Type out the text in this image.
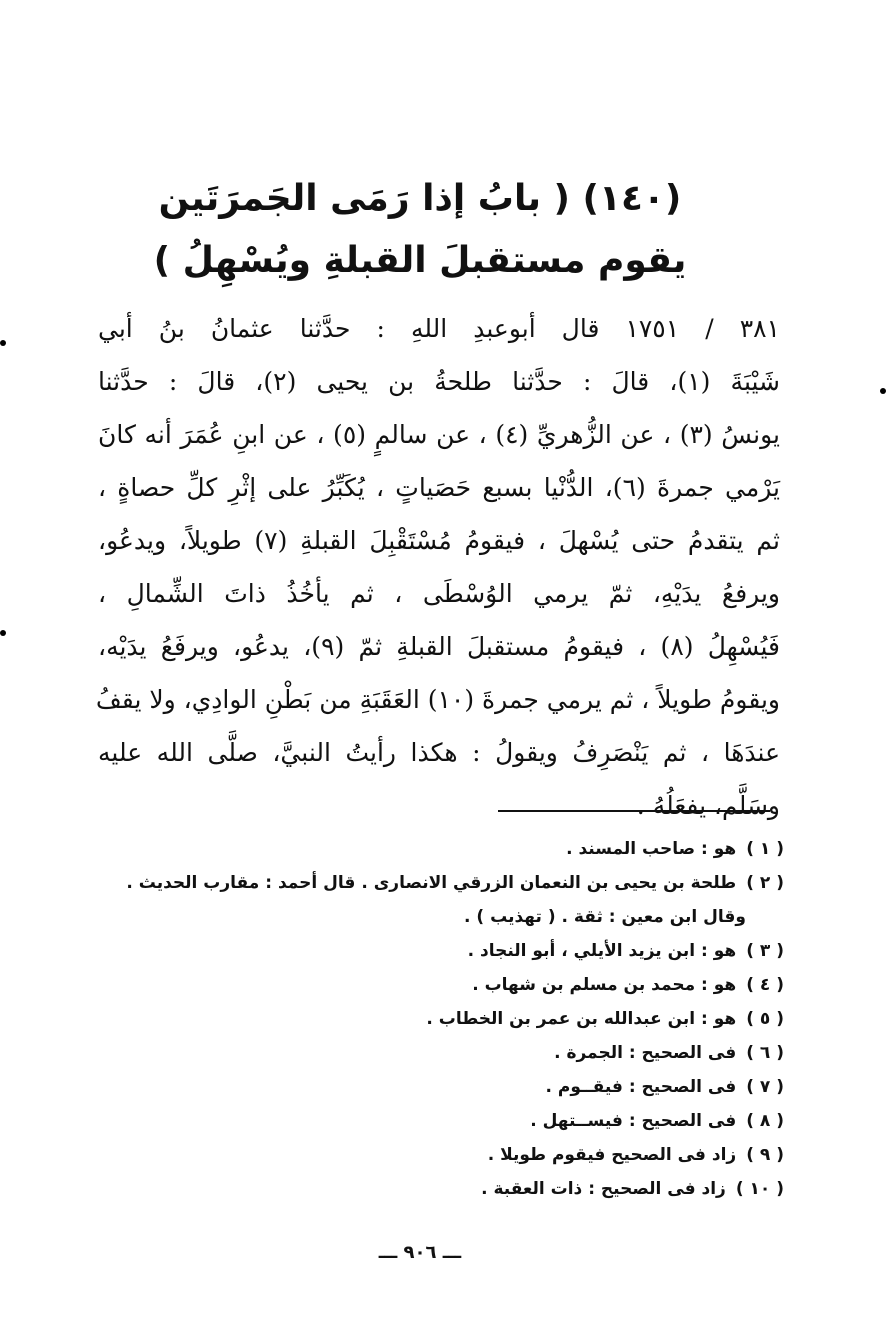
(١٤٠) ( بابُ إذا رَمَى الجَمرَتَين
يقوم مستقبلَ القبلةِ ويُسْهِلُ )
٣٨١ / ١٧٥١ قال أبوعبدِ اللهِ : حدَّثنا عثمانُ بنُ أبي
شَيْبَةَ (١)، قالَ : حدَّثنا طلحةُ بن يحيى (٢)، قالَ : حدَّثنا
يونسُ (٣) ، عن الزُّهريِّ (٤) ، عن سالمٍ (٥) ، عن ابنِ عُمَرَ أنه كانَ
يَرْمي جمرةَ (٦)، الدُّنْيا بسبع حَصَياتٍ ، يُكَبِّرُ على إثْرِ كلِّ حصاةٍ ،
ثم يتقدمُ حتى يُسْهلَ ، فيقومُ مُسْتَقْبِلَ القبلةِ (٧) طويلاً، ويدعُو،
ويرفعُ يدَيْهِ، ثمّ يرمي الوُسْطَى ، ثم يأخُذُ ذاتَ الشِّمالِ ،
فَيُسْهِلُ (٨) ، فيقومُ مستقبلَ القبلةِ ثمّ (٩)، يدعُو، ويرفَعُ يدَيْه،
ويقومُ طويلاً ، ثم يرمي جمرةَ (١٠) العَقَبَةِ من بَطْنِ الوادِي، ولا يقفُ
عندَهَا ، ثم يَنْصَرِفُ ويقولُ : هكذا رأيتُ النبيَّ، صلَّى الله عليه
وسَلَّم، يفعَلُهُ .
( ١ )هو : صاحب المسند .
( ٢ )طلحة بن يحيى بن النعمان الزرقي الانصارى . قال أحمد : مقارب الحديث .
وقال ابن معين : ثقة . ( تهذيب ) .
( ٣ )هو : ابن يزيد الأيلي ، أبو النجاد .
( ٤ )هو : محمد بن مسلم بن شهاب .
( ٥ )هو : ابن عبدالله بن عمر بن الخطاب .
( ٦ )فى الصحيح : الجمرة .
( ٧ )فى الصحيح : فيقــوم .
( ٨ )فى الصحيح : فيســتهل .
( ٩ )زاد فى الصحيح فيقوم طويلا .
( ١٠ )زاد فى الصحيح : ذات العقبة .
ـــ ٩٠٦ ـــ
